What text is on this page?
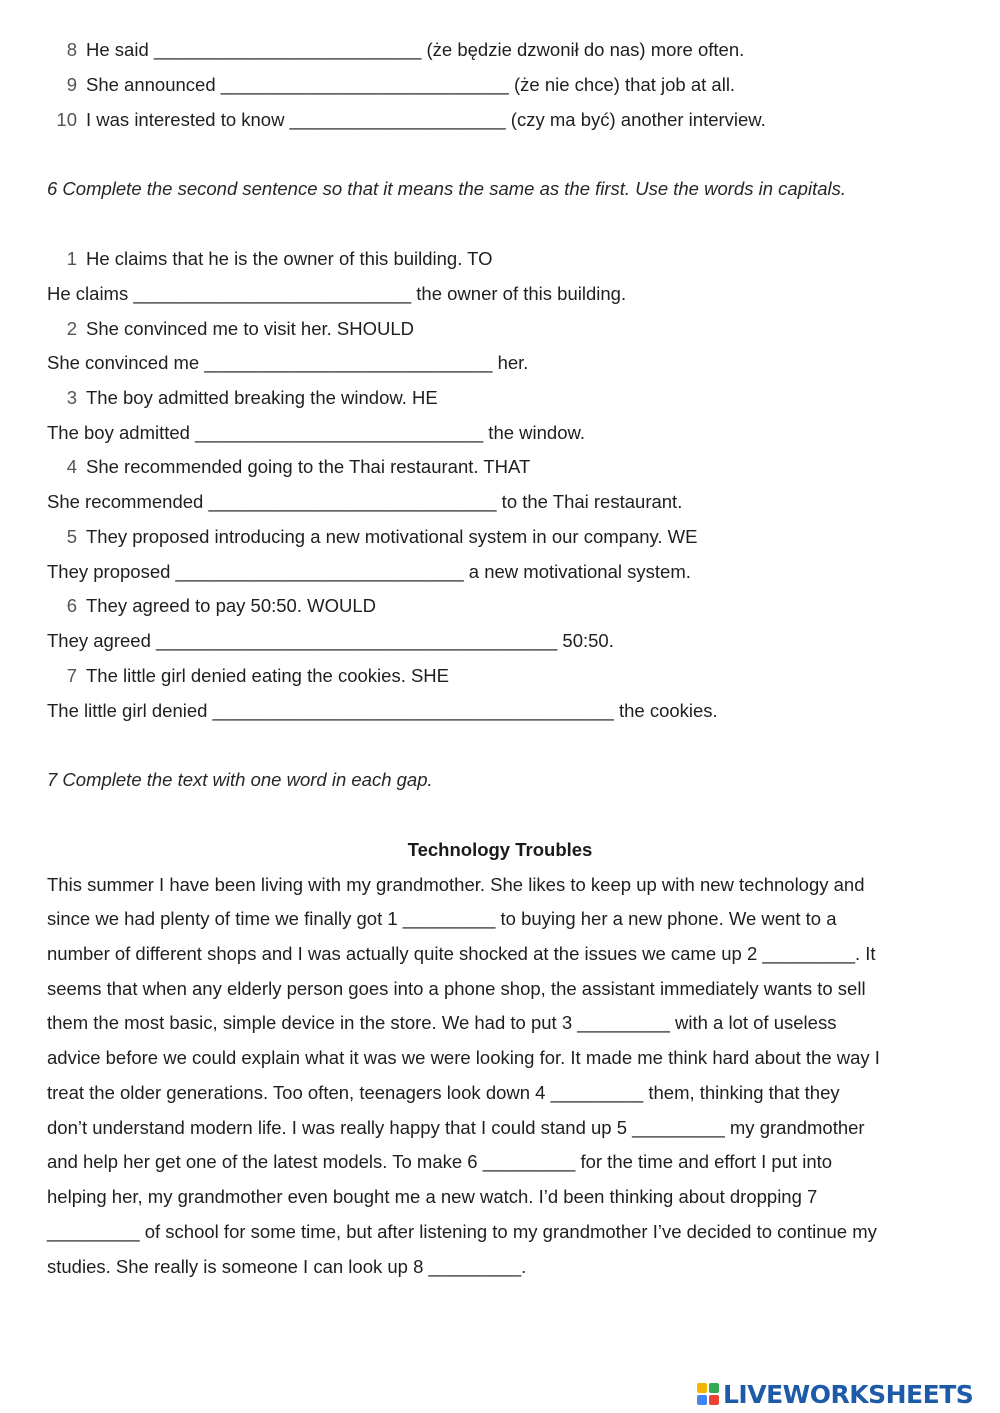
8 He said __________________________ (że będzie dzwonił do nas) more often.
9 She announced ____________________________ (że nie chce) that job at all.
10 I was interested to know _____________________ (czy ma być) another interview.
6 Complete the second sentence so that it means the same as the first. Use the words in capitals.
1 He claims that he is the owner of this building. TO
He claims ___________________________ the owner of this building.
2 She convinced me to visit her. SHOULD
She convinced me ____________________________ her.
3 The boy admitted breaking the window. HE
The boy admitted ____________________________ the window.
4 She recommended going to the Thai restaurant. THAT
She recommended ____________________________ to the Thai restaurant.
5 They proposed introducing a new motivational system in our company. WE
They proposed ____________________________ a new motivational system.
6 They agreed to pay 50:50. WOULD
They agreed _______________________________________ 50:50.
7 The little girl denied eating the cookies. SHE
The little girl denied _______________________________________ the cookies.
7 Complete the text with one word in each gap.
Technology Troubles
This summer I have been living with my grandmother. She likes to keep up with new technology and
since we had plenty of time we finally got 1 _________ to buying her a new phone. We went to a
number of different shops and I was actually quite shocked at the issues we came up 2 _________. It
seems that when any elderly person goes into a phone shop, the assistant immediately wants to sell
them the most basic, simple device in the store. We had to put 3 _________ with a lot of useless
advice before we could explain what it was we were looking for. It made me think hard about the way I
treat the older generations. Too often, teenagers look down 4 _________ them, thinking that they
don’t understand modern life. I was really happy that I could stand up 5 _________ my grandmother
and help her get one of the latest models. To make 6 _________ for the time and effort I put into
helping her, my grandmother even bought me a new watch. I’d been thinking about dropping 7
_________ of school for some time, but after listening to my grandmother I’ve decided to continue my
studies. She really is someone I can look up 8 _________.
LIVEWORKSHEETS
